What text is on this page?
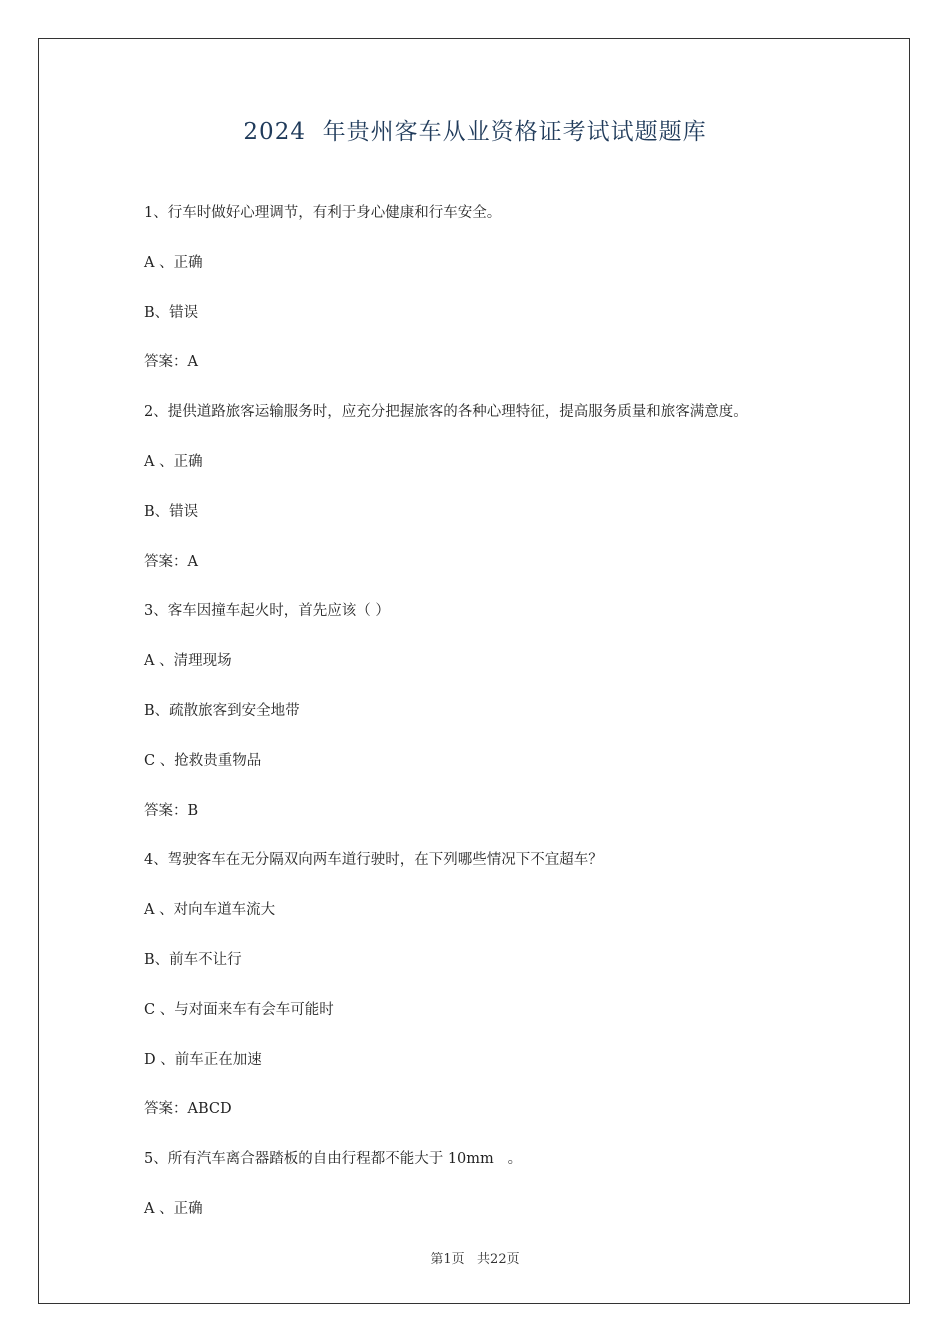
2024  年贵州客车从业资格证考试试题题库
1、行车时做好心理调节，有利于身心健康和行车安全。
A 、正确
B、错误
答案：A
2、提供道路旅客运输服务时，应充分把握旅客的各种心理特征，提高服务质量和旅客满意度。
A 、正确
B、错误
答案：A
3、客车因撞车起火时，首先应该（ ）
A 、清理现场
B、疏散旅客到安全地带
C 、抢救贵重物品
答案：B
4、驾驶客车在无分隔双向两车道行驶时，在下列哪些情况下不宜超车？
A 、对向车道车流大
B、前车不让行
C 、与对面来车有会车可能时
D 、前车正在加速
答案：ABCD
5、所有汽车离合器踏板的自由行程都不能大于 10mm   。
A 、正确
第1页   共22页
